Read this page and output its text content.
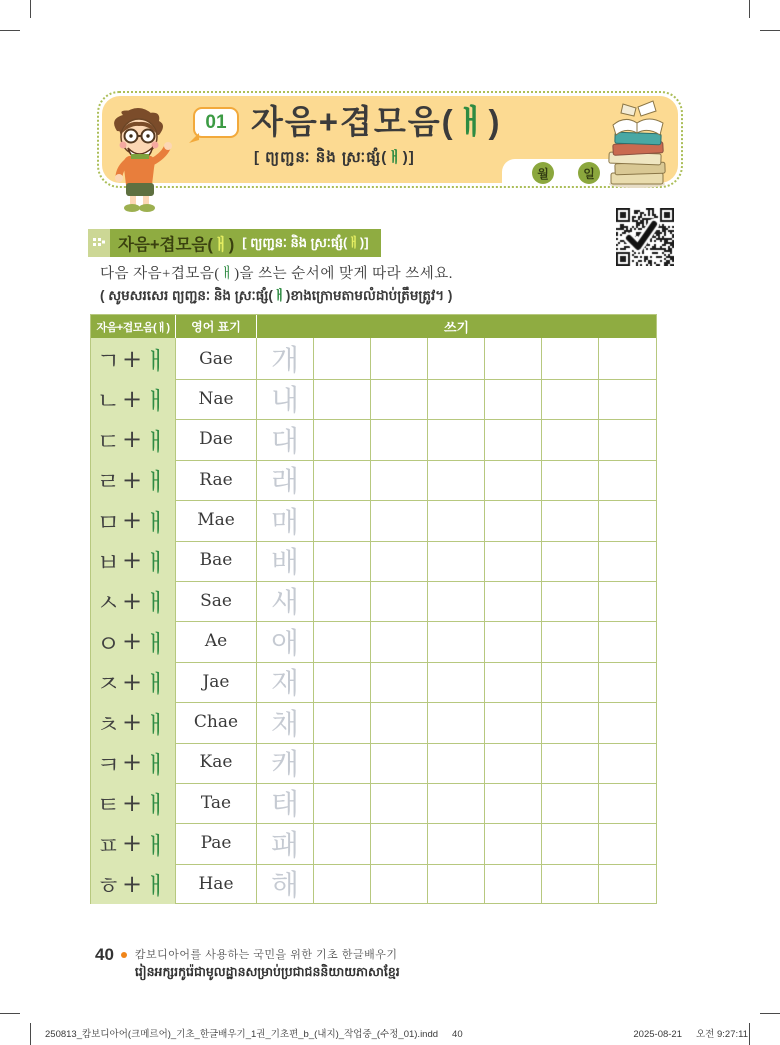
01 자음+겹모음(ㅐ)
[ ព្យញ្ជនៈ និង ស្រៈផ្សំ(ㅐ)]
월	일
자음+겹모음(ㅐ) [ ព្យញ្ជនៈ និង ស្រៈផ្សំ(ㅐ)]
다음 자음+겹모음(ㅐ)을 쓰는 순서에 맞게 따라 쓰세요.
( សូមសរសេរ ព្យញ្ជនៈ និង ស្រៈផ្សំ(ㅐ)ខាងក្រោមតាមលំដាប់ត្រឹមត្រូវ។ )
자음+겹모음(ㅐ)	영어 표기	쓰기
ㄱ + ㅐ	Gae	개
ㄴ + ㅐ	Nae	내
ㄷ + ㅐ	Dae	대
ㄹ + ㅐ	Rae	래
ㅁ + ㅐ	Mae	매
ㅂ + ㅐ	Bae	배
ㅅ + ㅐ	Sae	새
ㅇ + ㅐ	Ae	애
ㅈ + ㅐ	Jae	재
ㅊ + ㅐ	Chae	채
ㅋ + ㅐ	Kae	캐
ㅌ + ㅐ	Tae	태
ㅍ + ㅐ	Pae	패
ㅎ + ㅐ	Hae	해
40 캄보디아어를 사용하는 국민을 위한 기초 한글배우기
រៀនអក្សរកូរ៉េជាមូលដ្ឋានសម្រាប់ប្រជាជននិយាយភាសាខ្មែរ
250813_캄보디아어(크메르어)_기초_한글배우기_1권_기초편_b_(내지)_작업중_(수정_01).indd 40	2025-08-21 오전 9:27:11
